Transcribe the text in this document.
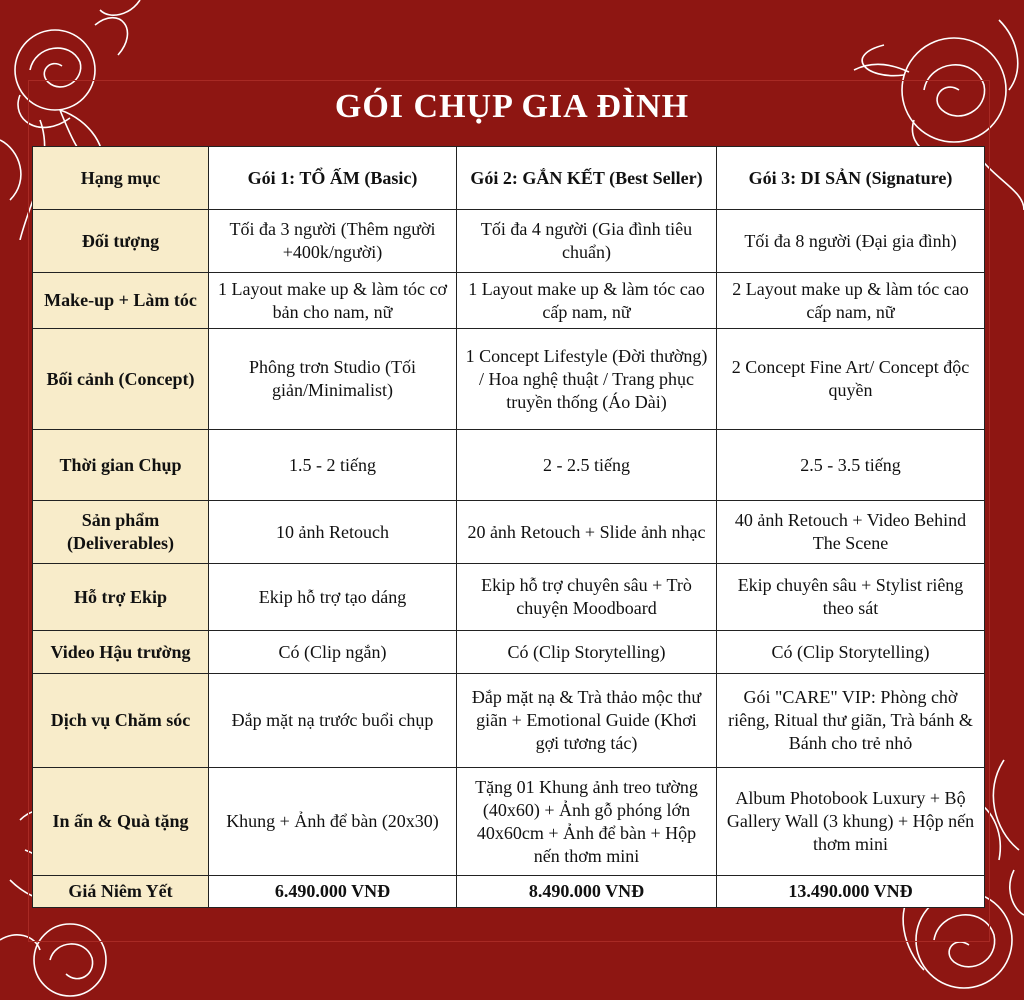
GÓI CHỤP GIA ĐÌNH
Hạng mục	Gói 1: TỔ ẤM (Basic)	Gói 2: GẮN KẾT (Best Seller)	Gói 3: DI SẢN (Signature)
Đối tượng	Tối đa 3 người (Thêm người +400k/người)	Tối đa 4 người (Gia đình tiêu chuẩn)	Tối đa 8 người (Đại gia đình)
Make-up + Làm tóc	1 Layout make up & làm tóc cơ bản cho nam, nữ	1 Layout make up & làm tóc cao cấp nam, nữ	2 Layout make up & làm tóc cao cấp nam, nữ
Bối cảnh (Concept)	Phông trơn Studio (Tối giản/Minimalist)	1 Concept Lifestyle (Đời thường) / Hoa nghệ thuật / Trang phục truyền thống (Áo Dài)	2 Concept Fine Art/ Concept độc quyền
Thời gian Chụp	1.5 - 2 tiếng	2 - 2.5 tiếng	2.5 - 3.5 tiếng
Sản phẩm (Deliverables)	10 ảnh Retouch	20 ảnh Retouch + Slide ảnh nhạc	40 ảnh Retouch + Video Behind The Scene
Hỗ trợ Ekip	Ekip hỗ trợ tạo dáng	Ekip hỗ trợ chuyên sâu + Trò chuyện Moodboard	Ekip chuyên sâu + Stylist riêng theo sát
Video Hậu trường	Có (Clip ngắn)	Có (Clip Storytelling)	Có (Clip Storytelling)
Dịch vụ Chăm sóc	Đắp mặt nạ trước buổi chụp	Đắp mặt nạ & Trà thảo mộc thư giãn + Emotional Guide (Khơi gợi tương tác)	Gói "CARE" VIP: Phòng chờ riêng, Ritual thư giãn, Trà bánh & Bánh cho trẻ nhỏ
In ấn & Quà tặng	Khung + Ảnh để bàn (20x30)	Tặng 01 Khung ảnh treo tường (40x60) + Ảnh gỗ phóng lớn 40x60cm + Ảnh để bàn + Hộp nến thơm mini	Album Photobook Luxury + Bộ Gallery Wall (3 khung) + Hộp nến thơm mini
Giá Niêm Yết	6.490.000 VNĐ	8.490.000 VNĐ	13.490.000 VNĐ
